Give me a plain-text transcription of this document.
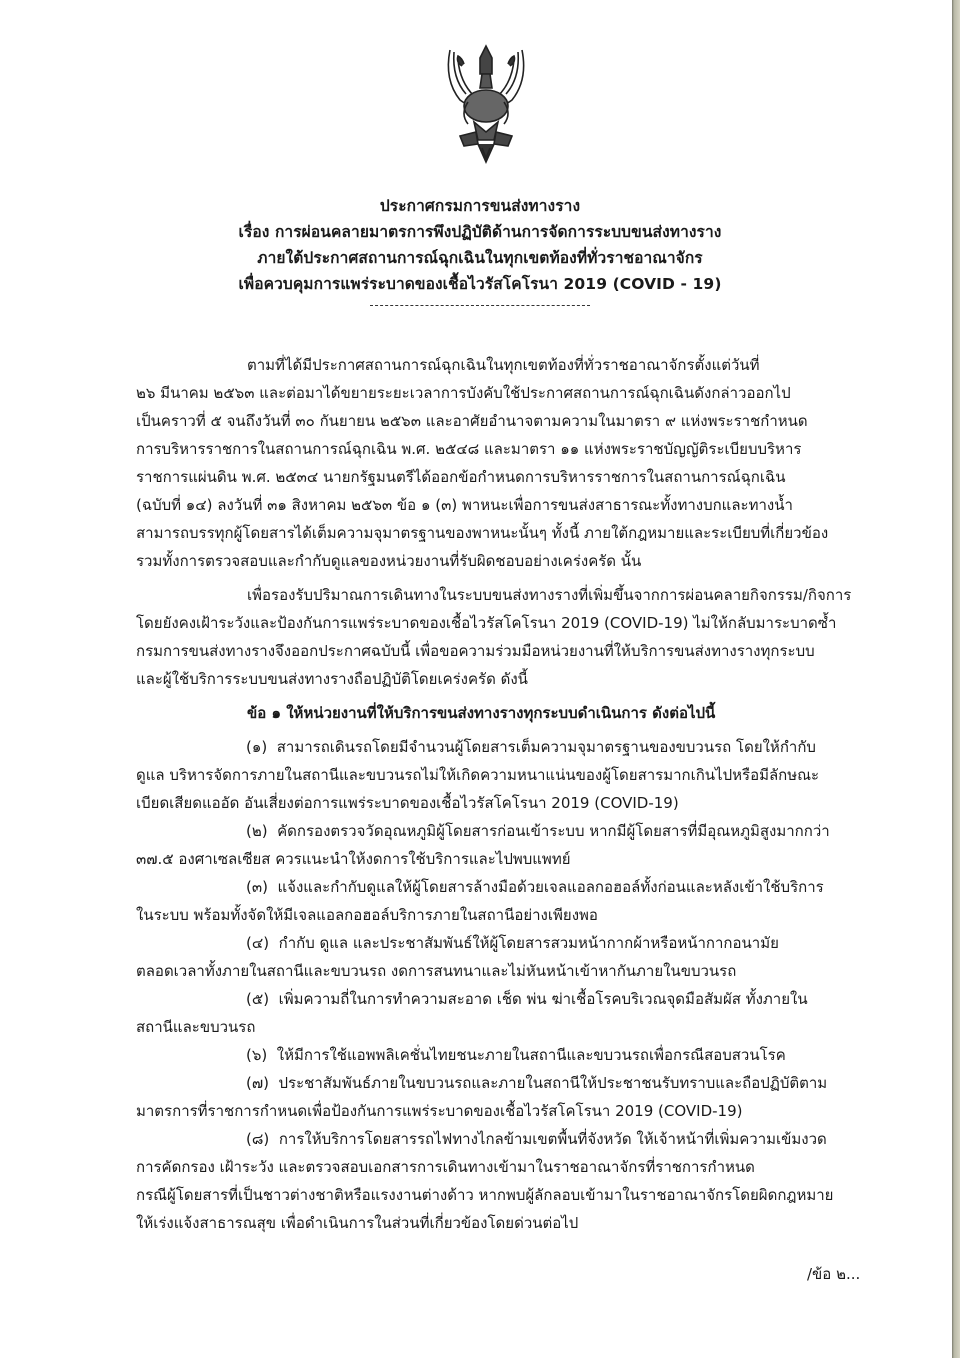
ประกาศกรมการขนส่งทางราง
เรื่อง การผ่อนคลายมาตรการพึงปฏิบัติด้านการจัดการระบบขนส่งทางราง
ภายใต้ประกาศสถานการณ์ฉุกเฉินในทุกเขตท้องที่ทั่วราชอาณาจักร
เพื่อควบคุมการแพร่ระบาดของเชื้อไวรัสโคโรนา 2019 (COVID - 19)
ตามที่ได้มีประกาศสถานการณ์ฉุกเฉินในทุกเขตท้องที่ทั่วราชอาณาจักรตั้งแต่วันที่
๒๖ มีนาคม ๒๕๖๓ และต่อมาได้ขยายระยะเวลาการบังคับใช้ประกาศสถานการณ์ฉุกเฉินดังกล่าวออกไป
เป็นคราวที่ ๕ จนถึงวันที่ ๓๐ กันยายน ๒๕๖๓ และอาศัยอำนาจตามความในมาตรา ๙ แห่งพระราชกำหนด
การบริหารราชการในสถานการณ์ฉุกเฉิน พ.ศ. ๒๕๔๘ และมาตรา ๑๑ แห่งพระราชบัญญัติระเบียบบริหาร
ราชการแผ่นดิน พ.ศ. ๒๕๓๔ นายกรัฐมนตรีได้ออกข้อกำหนดการบริหารราชการในสถานการณ์ฉุกเฉิน
(ฉบับที่ ๑๔) ลงวันที่ ๓๑ สิงหาคม ๒๕๖๓ ข้อ ๑ (๓) พาหนะเพื่อการขนส่งสาธารณะทั้งทางบกและทางน้ำ
สามารถบรรทุกผู้โดยสารได้เต็มความจุมาตรฐานของพาหนะนั้นๆ ทั้งนี้ ภายใต้กฎหมายและระเบียบที่เกี่ยวข้อง
รวมทั้งการตรวจสอบและกำกับดูแลของหน่วยงานที่รับผิดชอบอย่างเคร่งครัด นั้น
เพื่อรองรับปริมาณการเดินทางในระบบขนส่งทางรางที่เพิ่มขึ้นจากการผ่อนคลายกิจกรรม/กิจการ
โดยยังคงเฝ้าระวังและป้องกันการแพร่ระบาดของเชื้อไวรัสโคโรนา 2019 (COVID-19) ไม่ให้กลับมาระบาดซ้ำ
กรมการขนส่งทางรางจึงออกประกาศฉบับนี้ เพื่อขอความร่วมมือหน่วยงานที่ให้บริการขนส่งทางรางทุกระบบ
และผู้ใช้บริการระบบขนส่งทางรางถือปฏิบัติโดยเคร่งครัด ดังนี้
ข้อ ๑ ให้หน่วยงานที่ให้บริการขนส่งทางรางทุกระบบดำเนินการ ดังต่อไปนี้
(๑) สามารถเดินรถโดยมีจำนวนผู้โดยสารเต็มความจุมาตรฐานของขบวนรถ โดยให้กำกับ
ดูแล บริหารจัดการภายในสถานีและขบวนรถไม่ให้เกิดความหนาแน่นของผู้โดยสารมากเกินไปหรือมีลักษณะ
เบียดเสียดแออัด อันเสี่ยงต่อการแพร่ระบาดของเชื้อไวรัสโคโรนา 2019 (COVID-19)
(๒) คัดกรองตรวจวัดอุณหภูมิผู้โดยสารก่อนเข้าระบบ หากมีผู้โดยสารที่มีอุณหภูมิสูงมากกว่า
๓๗.๕ องศาเซลเซียส ควรแนะนำให้งดการใช้บริการและไปพบแพทย์
(๓) แจ้งและกำกับดูแลให้ผู้โดยสารล้างมือด้วยเจลแอลกอฮอล์ทั้งก่อนและหลังเข้าใช้บริการ
ในระบบ พร้อมทั้งจัดให้มีเจลแอลกอฮอล์บริการภายในสถานีอย่างเพียงพอ
(๔) กำกับ ดูแล และประชาสัมพันธ์ให้ผู้โดยสารสวมหน้ากากผ้าหรือหน้ากากอนามัย
ตลอดเวลาทั้งภายในสถานีและขบวนรถ งดการสนทนาและไม่หันหน้าเข้าหากันภายในขบวนรถ
(๕) เพิ่มความถี่ในการทำความสะอาด เช็ด พ่น ฆ่าเชื้อโรคบริเวณจุดมือสัมผัส ทั้งภายใน
สถานีและขบวนรถ
(๖) ให้มีการใช้แอพพลิเคชั่นไทยชนะภายในสถานีและขบวนรถเพื่อกรณีสอบสวนโรค
(๗) ประชาสัมพันธ์ภายในขบวนรถและภายในสถานีให้ประชาชนรับทราบและถือปฏิบัติตาม
มาตรการที่ราชการกำหนดเพื่อป้องกันการแพร่ระบาดของเชื้อไวรัสโคโรนา 2019 (COVID-19)
(๘) การให้บริการโดยสารรถไฟทางไกลข้ามเขตพื้นที่จังหวัด ให้เจ้าหน้าที่เพิ่มความเข้มงวด
การคัดกรอง เฝ้าระวัง และตรวจสอบเอกสารการเดินทางเข้ามาในราชอาณาจักรที่ราชการกำหนด
กรณีผู้โดยสารที่เป็นชาวต่างชาติหรือแรงงานต่างด้าว หากพบผู้ลักลอบเข้ามาในราชอาณาจักรโดยผิดกฎหมาย
ให้เร่งแจ้งสาธารณสุข เพื่อดำเนินการในส่วนที่เกี่ยวข้องโดยด่วนต่อไป
/ข้อ ๒...
